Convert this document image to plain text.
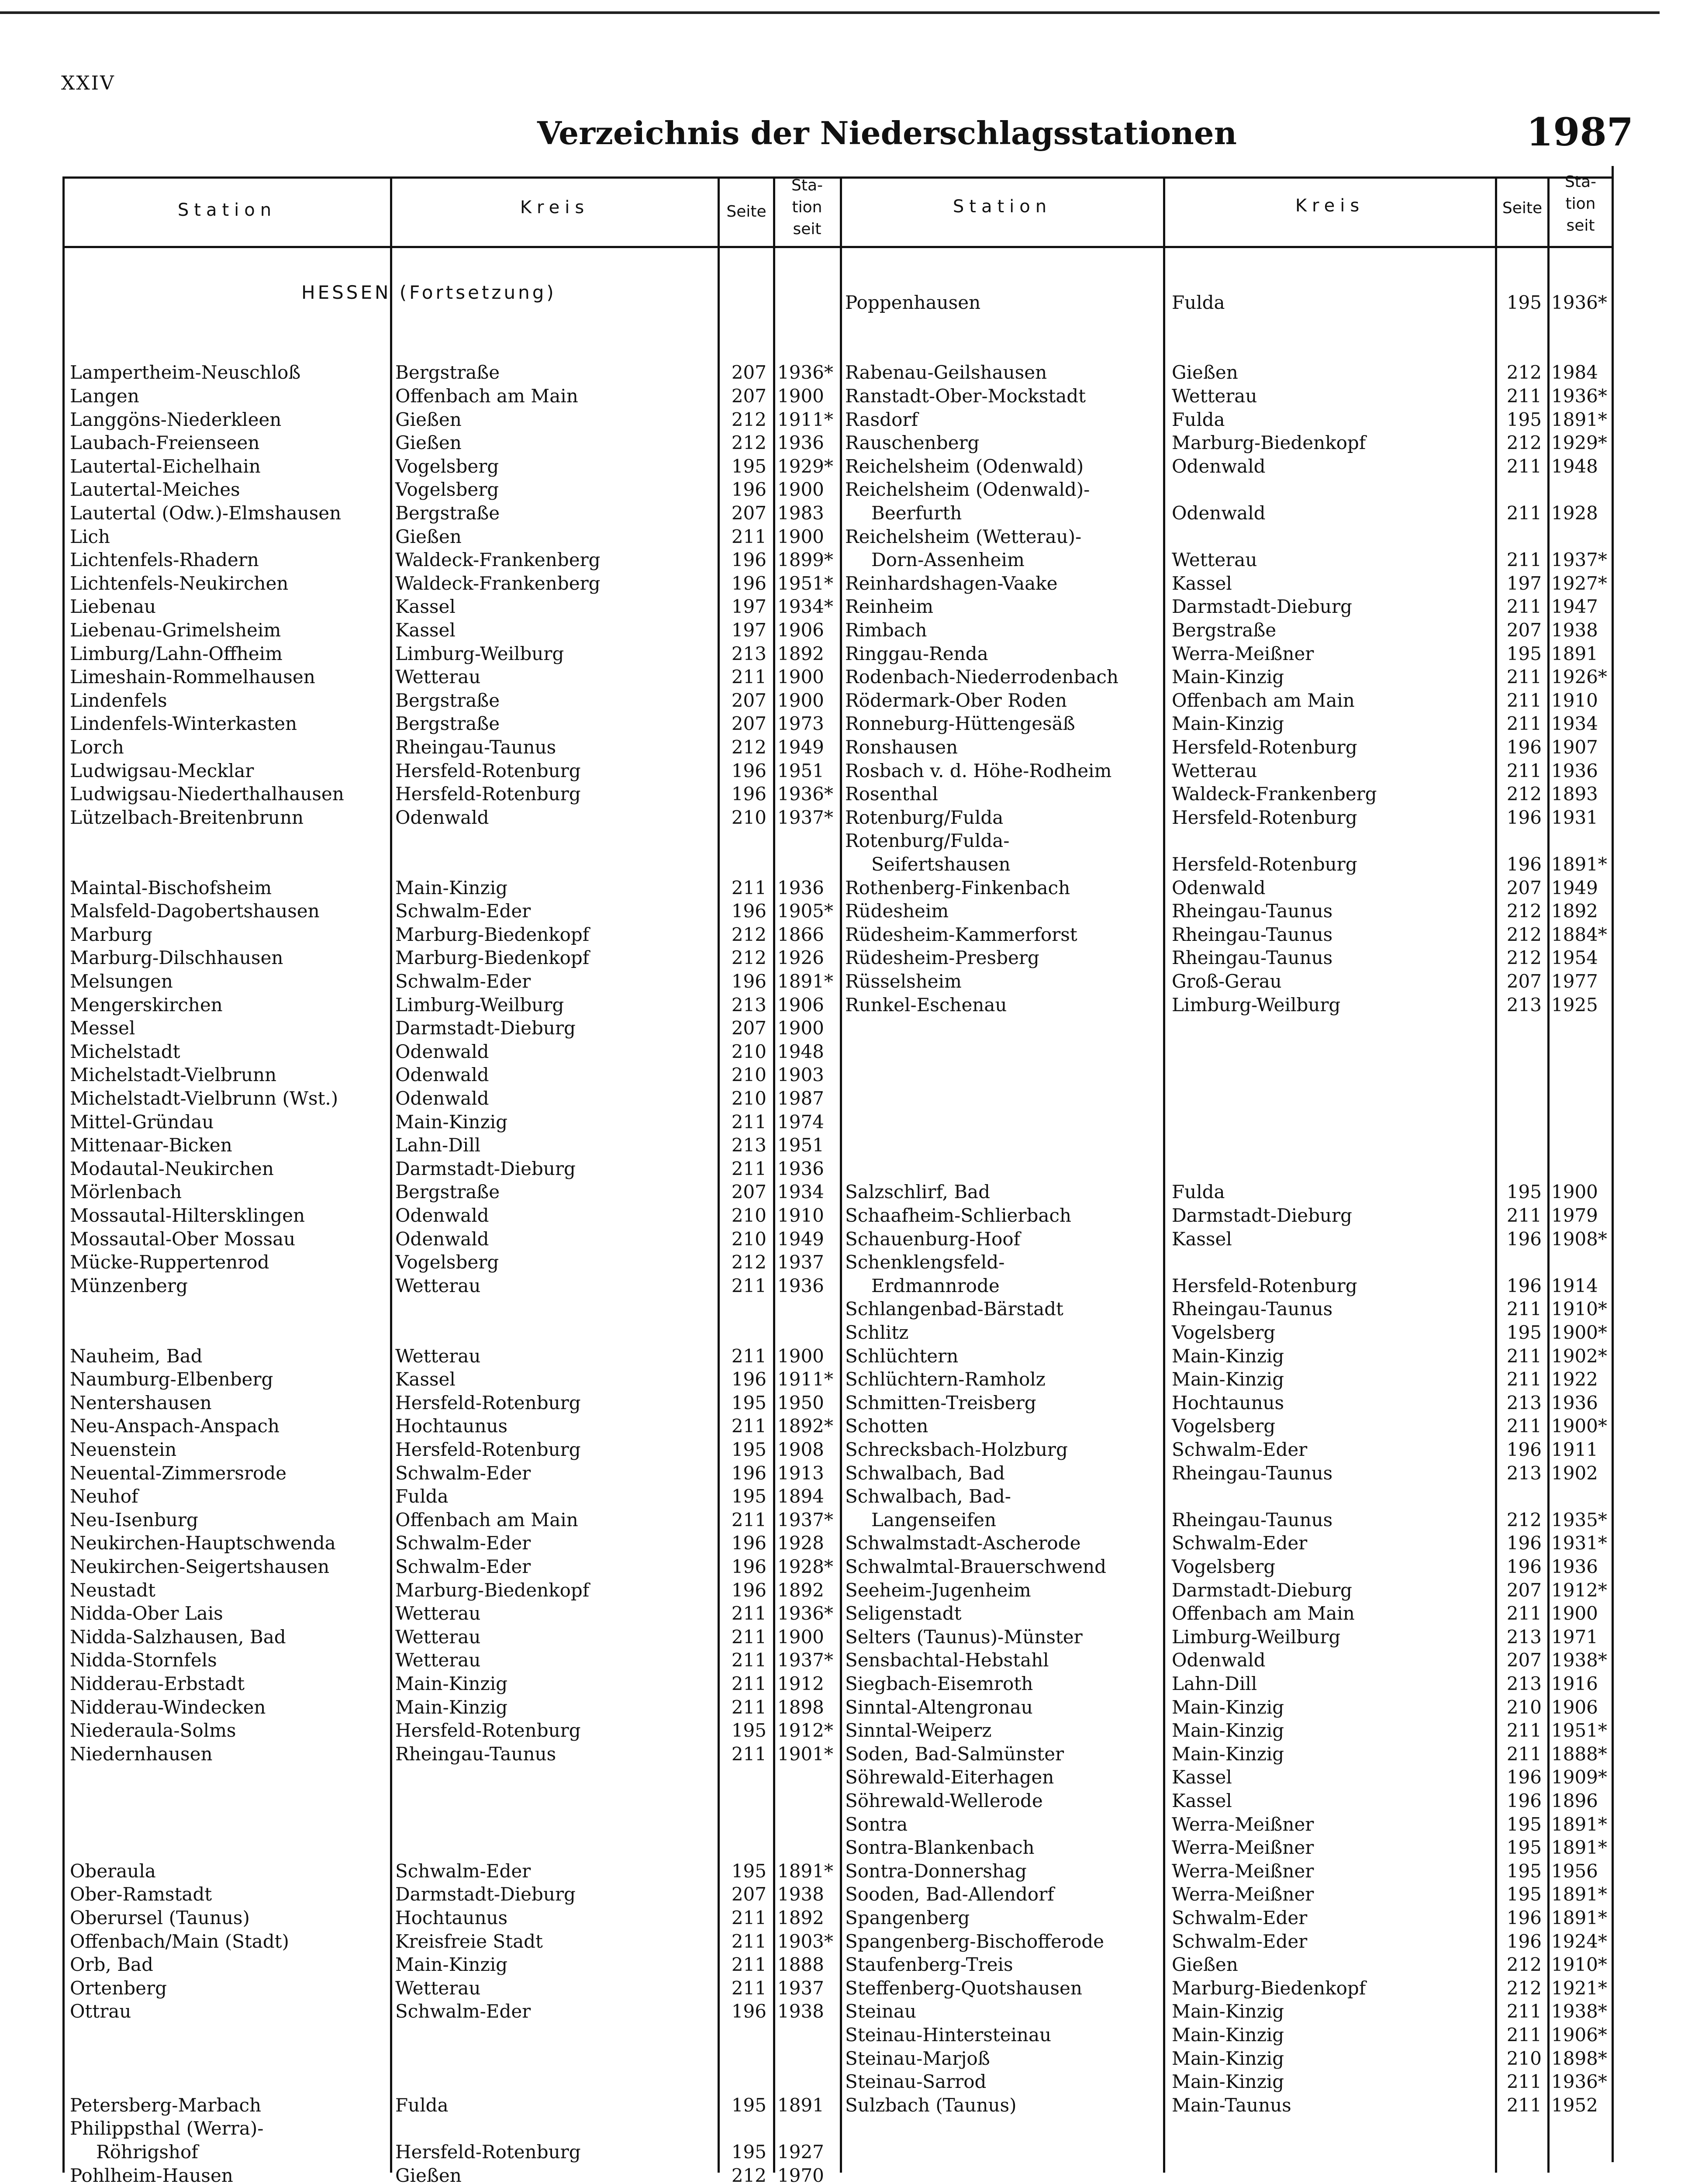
XXIV
Verzeichnis der Niederschlagsstationen	1987
Station	Kreis	Seite
Sta-
tion
seit
Station	Kreis	Seite
Sta-
tion
seit
HESSEN (Fortsetzung)
Lampertheim-Neuschloß	Bergstraße	207 1936*
Langen	Offenbach am Main	207 1900
Langgöns-Niederkleen	Gießen	212 1911*
Laubach-Freienseen	Gießen	212 1936
Lautertal-Eichelhain	Vogelsberg	195 1929*
Lautertal-Meiches	Vogelsberg	196 1900
Lautertal (Odw.)-Elmshausen	Bergstraße	207 1983
Lich	Gießen	211 1900
Lichtenfels-Rhadern	Waldeck-Frankenberg	196 1899*
Lichtenfels-Neukirchen	Waldeck-Frankenberg	196 1951*
Liebenau	Kassel	197 1934*
Liebenau-Grimelsheim	Kassel	197 1906
Limburg/Lahn-Offheim	Limburg-Weilburg	213 1892
Limeshain-Rommelhausen	Wetterau	211 1900
Lindenfels	Bergstraße	207 1900
Lindenfels-Winterkasten	Bergstraße	207 1973
Lorch	Rheingau-Taunus	212 1949
Ludwigsau-Mecklar	Hersfeld-Rotenburg	196 1951
Ludwigsau-Niederthalhausen	Hersfeld-Rotenburg	196 1936*
Lützelbach-Breitenbrunn	Odenwald	210 1937*
Maintal-Bischofsheim	Main-Kinzig	211 1936
Malsfeld-Dagobertshausen	Schwalm-Eder	196 1905*
Marburg	Marburg-Biedenkopf	212 1866
Marburg-Dilschhausen	Marburg-Biedenkopf	212 1926
Melsungen	Schwalm-Eder	196 1891*
Mengerskirchen	Limburg-Weilburg	213 1906
Messel	Darmstadt-Dieburg	207 1900
Michelstadt	Odenwald	210 1948
Michelstadt-Vielbrunn	Odenwald	210 1903
Michelstadt-Vielbrunn (Wst.)	Odenwald	210 1987
Mittel-Gründau	Main-Kinzig	211 1974
Mittenaar-Bicken	Lahn-Dill	213 1951
Modautal-Neukirchen	Darmstadt-Dieburg	211 1936
Mörlenbach	Bergstraße	207 1934
Mossautal-Hiltersklingen	Odenwald	210 1910
Mossautal-Ober Mossau	Odenwald	210 1949
Mücke-Ruppertenrod	Vogelsberg	212 1937
Münzenberg	Wetterau	211 1936
Nauheim, Bad	Wetterau	211 1900
Naumburg-Elbenberg	Kassel	196 1911*
Nentershausen	Hersfeld-Rotenburg	195 1950
Neu-Anspach-Anspach	Hochtaunus	211 1892*
Neuenstein	Hersfeld-Rotenburg	195 1908
Neuental-Zimmersrode	Schwalm-Eder	196 1913
Neuhof	Fulda	195 1894
Neu-Isenburg	Offenbach am Main	211 1937*
Neukirchen-Hauptschwenda	Schwalm-Eder	196 1928
Neukirchen-Seigertshausen	Schwalm-Eder	196 1928*
Neustadt	Marburg-Biedenkopf	196 1892
Nidda-Ober Lais	Wetterau	211 1936*
Nidda-Salzhausen, Bad	Wetterau	211 1900
Nidda-Stornfels	Wetterau	211 1937*
Nidderau-Erbstadt	Main-Kinzig	211 1912
Nidderau-Windecken	Main-Kinzig	211 1898
Niederaula-Solms	Hersfeld-Rotenburg	195 1912*
Niedernhausen	Rheingau-Taunus	211 1901*
Oberaula	Schwalm-Eder	195 1891*
Ober-Ramstadt	Darmstadt-Dieburg	207 1938
Oberursel (Taunus)	Hochtaunus	211 1892
Offenbach/Main (Stadt)	Kreisfreie Stadt	211 1903*
Orb, Bad	Main-Kinzig	211 1888
Ortenberg	Wetterau	211 1937
Ottrau	Schwalm-Eder	196 1938
Petersberg-Marbach	Fulda	195 1891
Philippsthal (Werra)-
Röhrigshof	Hersfeld-Rotenburg	195 1927
Pohlheim-Hausen	Gießen	212 1970
Poppenhausen	Fulda	195 1936*
Rabenau-Geilshausen	Gießen	212 1984
Ranstadt-Ober-Mockstadt	Wetterau	211 1936*
Rasdorf	Fulda	195 1891*
Rauschenberg	Marburg-Biedenkopf	212 1929*
Reichelsheim (Odenwald)	Odenwald	211 1948
Reichelsheim (Odenwald)-
Beerfurth	Odenwald	211 1928
Reichelsheim (Wetterau)-
Dorn-Assenheim	Wetterau	211 1937*
Reinhardshagen-Vaake	Kassel	197 1927*
Reinheim	Darmstadt-Dieburg	211 1947
Rimbach	Bergstraße	207 1938
Ringgau-Renda	Werra-Meißner	195 1891
Rodenbach-Niederrodenbach	Main-Kinzig	211 1926*
Rödermark-Ober Roden	Offenbach am Main	211 1910
Ronneburg-Hüttengesäß	Main-Kinzig	211 1934
Ronshausen	Hersfeld-Rotenburg	196 1907
Rosbach v. d. Höhe-Rodheim	Wetterau	211 1936
Rosenthal	Waldeck-Frankenberg	212 1893
Rotenburg/Fulda	Hersfeld-Rotenburg	196 1931
Rotenburg/Fulda-
Seifertshausen	Hersfeld-Rotenburg	196 1891*
Rothenberg-Finkenbach	Odenwald	207 1949
Rüdesheim	Rheingau-Taunus	212 1892
Rüdesheim-Kammerforst	Rheingau-Taunus	212 1884*
Rüdesheim-Presberg	Rheingau-Taunus	212 1954
Rüsselsheim	Groß-Gerau	207 1977
Runkel-Eschenau	Limburg-Weilburg	213 1925
Salzschlirf, Bad	Fulda	195 1900
Schaafheim-Schlierbach	Darmstadt-Dieburg	211 1979
Schauenburg-Hoof	Kassel	196 1908*
Schenklengsfeld-
Erdmannrode	Hersfeld-Rotenburg	196 1914
Schlangenbad-Bärstadt	Rheingau-Taunus	211 1910*
Schlitz	Vogelsberg	195 1900*
Schlüchtern	Main-Kinzig	211 1902*
Schlüchtern-Ramholz	Main-Kinzig	211 1922
Schmitten-Treisberg	Hochtaunus	213 1936
Schotten	Vogelsberg	211 1900*
Schrecksbach-Holzburg	Schwalm-Eder	196 1911
Schwalbach, Bad	Rheingau-Taunus	213 1902
Schwalbach, Bad-
Langenseifen	Rheingau-Taunus	212 1935*
Schwalmstadt-Ascherode	Schwalm-Eder	196 1931*
Schwalmtal-Brauerschwend	Vogelsberg	196 1936
Seeheim-Jugenheim	Darmstadt-Dieburg	207 1912*
Seligenstadt	Offenbach am Main	211 1900
Selters (Taunus)-Münster	Limburg-Weilburg	213 1971
Sensbachtal-Hebstahl	Odenwald	207 1938*
Siegbach-Eisemroth	Lahn-Dill	213 1916
Sinntal-Altengronau	Main-Kinzig	210 1906
Sinntal-Weiperz	Main-Kinzig	211 1951*
Soden, Bad-Salmünster	Main-Kinzig	211 1888*
Söhrewald-Eiterhagen	Kassel	196 1909*
Söhrewald-Wellerode	Kassel	196 1896
Sontra	Werra-Meißner	195 1891*
Sontra-Blankenbach	Werra-Meißner	195 1891*
Sontra-Donnershag	Werra-Meißner	195 1956
Sooden, Bad-Allendorf	Werra-Meißner	195 1891*
Spangenberg	Schwalm-Eder	196 1891*
Spangenberg-Bischofferode	Schwalm-Eder	196 1924*
Staufenberg-Treis	Gießen	212 1910*
Steffenberg-Quotshausen	Marburg-Biedenkopf	212 1921*
Steinau	Main-Kinzig	211 1938*
Steinau-Hintersteinau	Main-Kinzig	211 1906*
Steinau-Marjoß	Main-Kinzig	210 1898*
Steinau-Sarrod	Main-Kinzig	211 1936*
Sulzbach (Taunus)	Main-Taunus	211 1952
